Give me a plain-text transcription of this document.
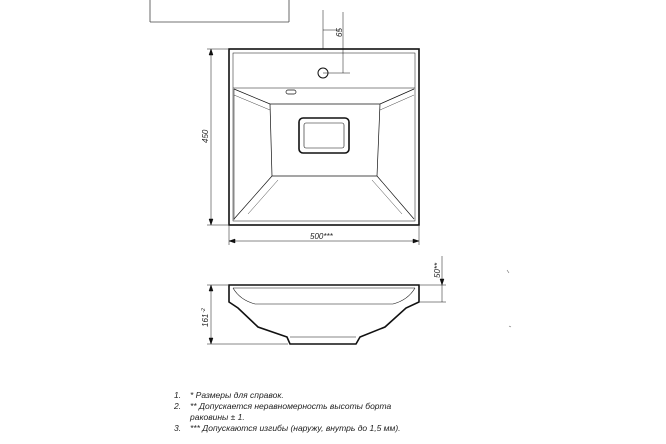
65
450
500***
$161^{-2}$
50**
1. * Размеры для справок.
2. ** Допускается неравномерность высоты борта
раковины ± 1.
3. *** Допускаются изгибы (наружу, внутрь до 1,5 мм).
